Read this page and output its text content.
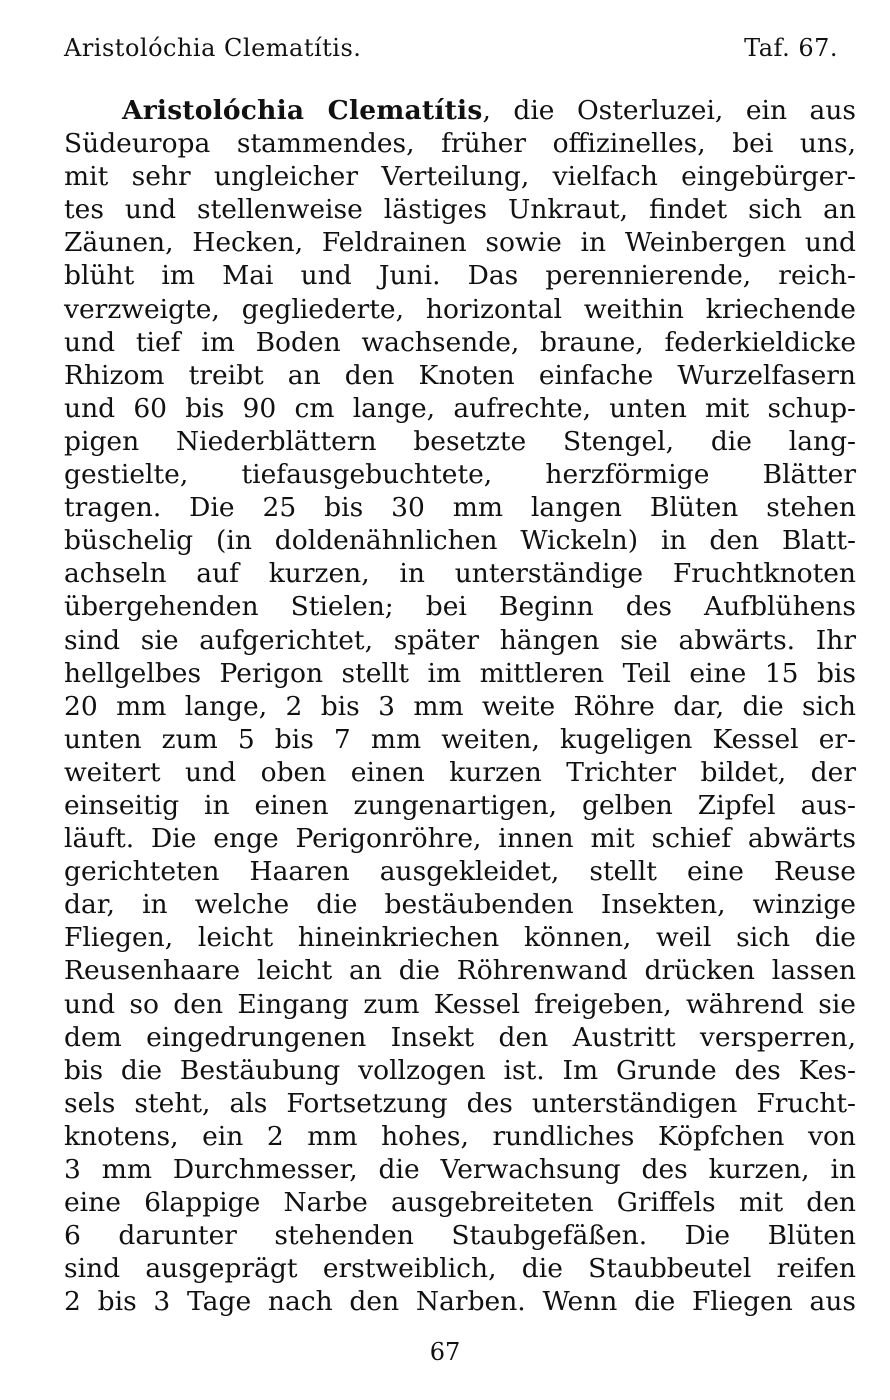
Aristolóchia Clematítis.	Taf. 67.
Aristolóchia Clematítis, die Osterluzei, ein aus
Südeuropa stammendes, früher offizinelles, bei uns,
mit sehr ungleicher Verteilung, vielfach eingebürger-
tes und stellenweise lästiges Unkraut, findet sich an
Zäunen, Hecken, Feldrainen sowie in Weinbergen und
blüht im Mai und Juni. Das perennierende, reich-
verzweigte, gegliederte, horizontal weithin kriechende
und tief im Boden wachsende, braune, federkieldicke
Rhizom treibt an den Knoten einfache Wurzelfasern
und 60 bis 90 cm lange, aufrechte, unten mit schup-
pigen Niederblättern besetzte Stengel, die lang-
gestielte, tiefausgebuchtete, herzförmige Blätter
tragen. Die 25 bis 30 mm langen Blüten stehen
büschelig (in doldenähnlichen Wickeln) in den Blatt-
achseln auf kurzen, in unterständige Fruchtknoten
übergehenden Stielen; bei Beginn des Aufblühens
sind sie aufgerichtet, später hängen sie abwärts. Ihr
hellgelbes Perigon stellt im mittleren Teil eine 15 bis
20 mm lange, 2 bis 3 mm weite Röhre dar, die sich
unten zum 5 bis 7 mm weiten, kugeligen Kessel er-
weitert und oben einen kurzen Trichter bildet, der
einseitig in einen zungenartigen, gelben Zipfel aus-
läuft. Die enge Perigonröhre, innen mit schief abwärts
gerichteten Haaren ausgekleidet, stellt eine Reuse
dar, in welche die bestäubenden Insekten, winzige
Fliegen, leicht hineinkriechen können, weil sich die
Reusenhaare leicht an die Röhrenwand drücken lassen
und so den Eingang zum Kessel freigeben, während sie
dem eingedrungenen Insekt den Austritt versperren,
bis die Bestäubung vollzogen ist. Im Grunde des Kes-
sels steht, als Fortsetzung des unterständigen Frucht-
knotens, ein 2 mm hohes, rundliches Köpfchen von
3 mm Durchmesser, die Verwachsung des kurzen, in
eine 6lappige Narbe ausgebreiteten Griffels mit den
6 darunter stehenden Staubgefäßen. Die Blüten
sind ausgeprägt erstweiblich, die Staubbeutel reifen
2 bis 3 Tage nach den Narben. Wenn die Fliegen aus
67
